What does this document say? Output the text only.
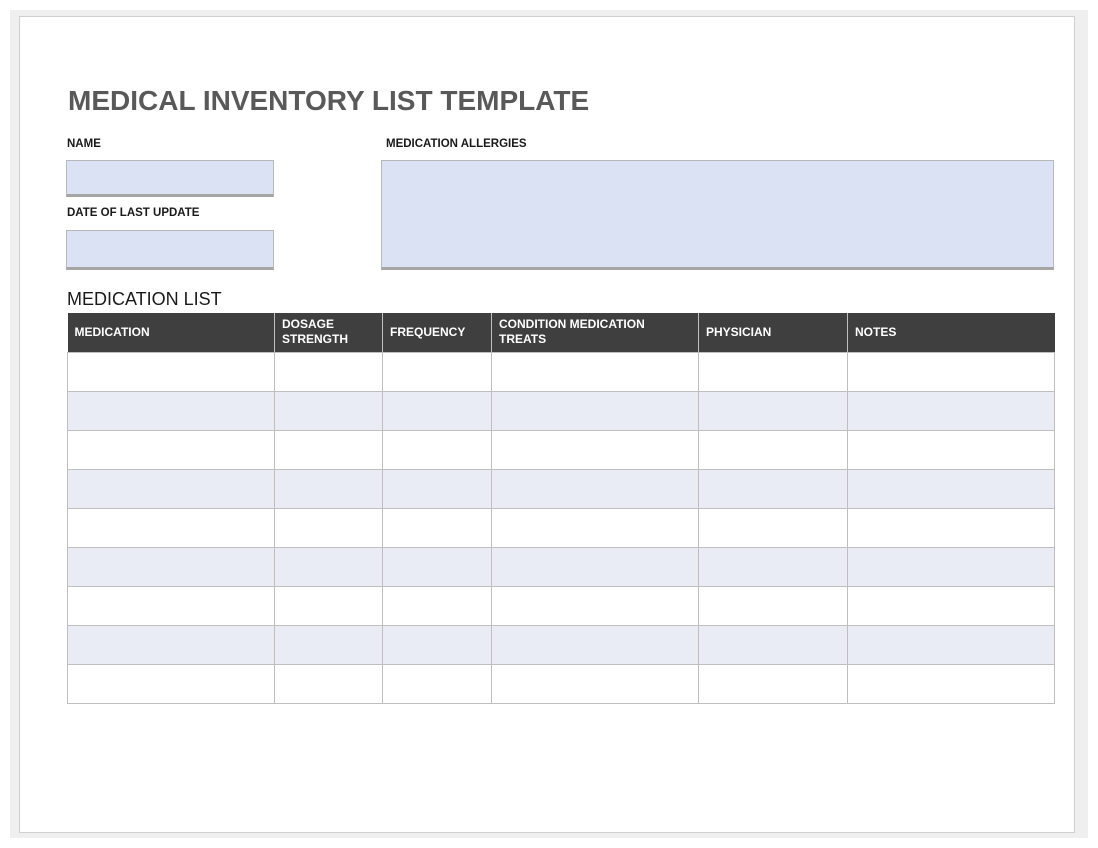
MEDICAL INVENTORY LIST TEMPLATE
NAME
DATE OF LAST UPDATE
MEDICATION ALLERGIES
MEDICATION LIST
MEDICATION	DOSAGE STRENGTH	FREQUENCY	CONDITION MEDICATION TREATS	PHYSICIAN	NOTES
